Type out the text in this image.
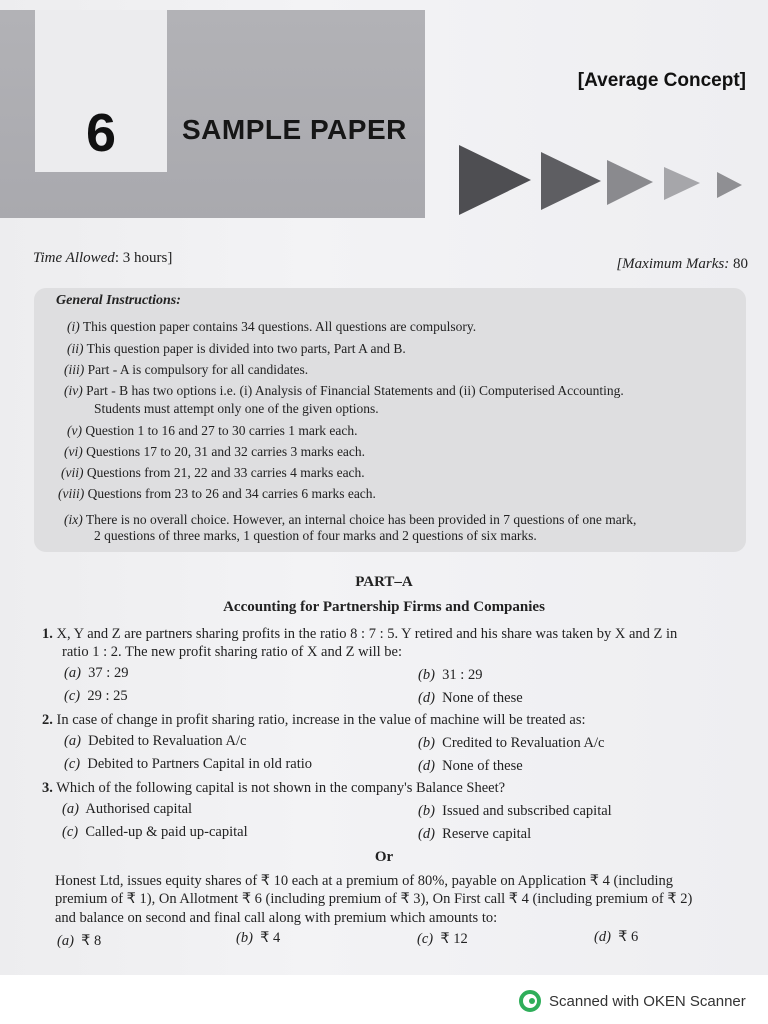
6	SAMPLE PAPER
[Average Concept]
Time Allowed: 3 hours]	[Maximum Marks: 80
General Instructions:
(i) This question paper contains 34 questions. All questions are compulsory.
(ii) This question paper is divided into two parts, Part A and B.
(iii) Part - A is compulsory for all candidates.
(iv) Part - B has two options i.e. (i) Analysis of Financial Statements and (ii) Computerised Accounting.
Students must attempt only one of the given options.
(v) Question 1 to 16 and 27 to 30 carries 1 mark each.
(vi) Questions 17 to 20, 31 and 32 carries 3 marks each.
(vii) Questions from 21, 22 and 33 carries 4 marks each.
(viii) Questions from 23 to 26 and 34 carries 6 marks each.
(ix) There is no overall choice. However, an internal choice has been provided in 7 questions of one mark,
2 questions of three marks, 1 question of four marks and 2 questions of six marks.
PART–A
Accounting for Partnership Firms and Companies
1. X, Y and Z are partners sharing profits in the ratio 8 : 7 : 5. Y retired and his share was taken by X and Z in
ratio 1 : 2. The new profit sharing ratio of X and Z will be:
(a) 37 : 29	(b) 31 : 29
(c) 29 : 25	(d) None of these
2. In case of change in profit sharing ratio, increase in the value of machine will be treated as:
(a) Debited to Revaluation A/c	(b) Credited to Revaluation A/c
(c) Debited to Partners Capital in old ratio	(d) None of these
3. Which of the following capital is not shown in the company's Balance Sheet?
(a) Authorised capital	(b) Issued and subscribed capital
(c) Called-up & paid up-capital	(d) Reserve capital
Or
Honest Ltd, issues equity shares of ₹ 10 each at a premium of 80%, payable on Application ₹ 4 (including
premium of ₹ 1), On Allotment ₹ 6 (including premium of ₹ 3), On First call ₹ 4 (including premium of ₹ 2)
and balance on second and final call along with premium which amounts to:
(a) ₹ 8	(b) ₹ 4	(c) ₹ 12	(d) ₹ 6
Scanned with OKEN Scanner
